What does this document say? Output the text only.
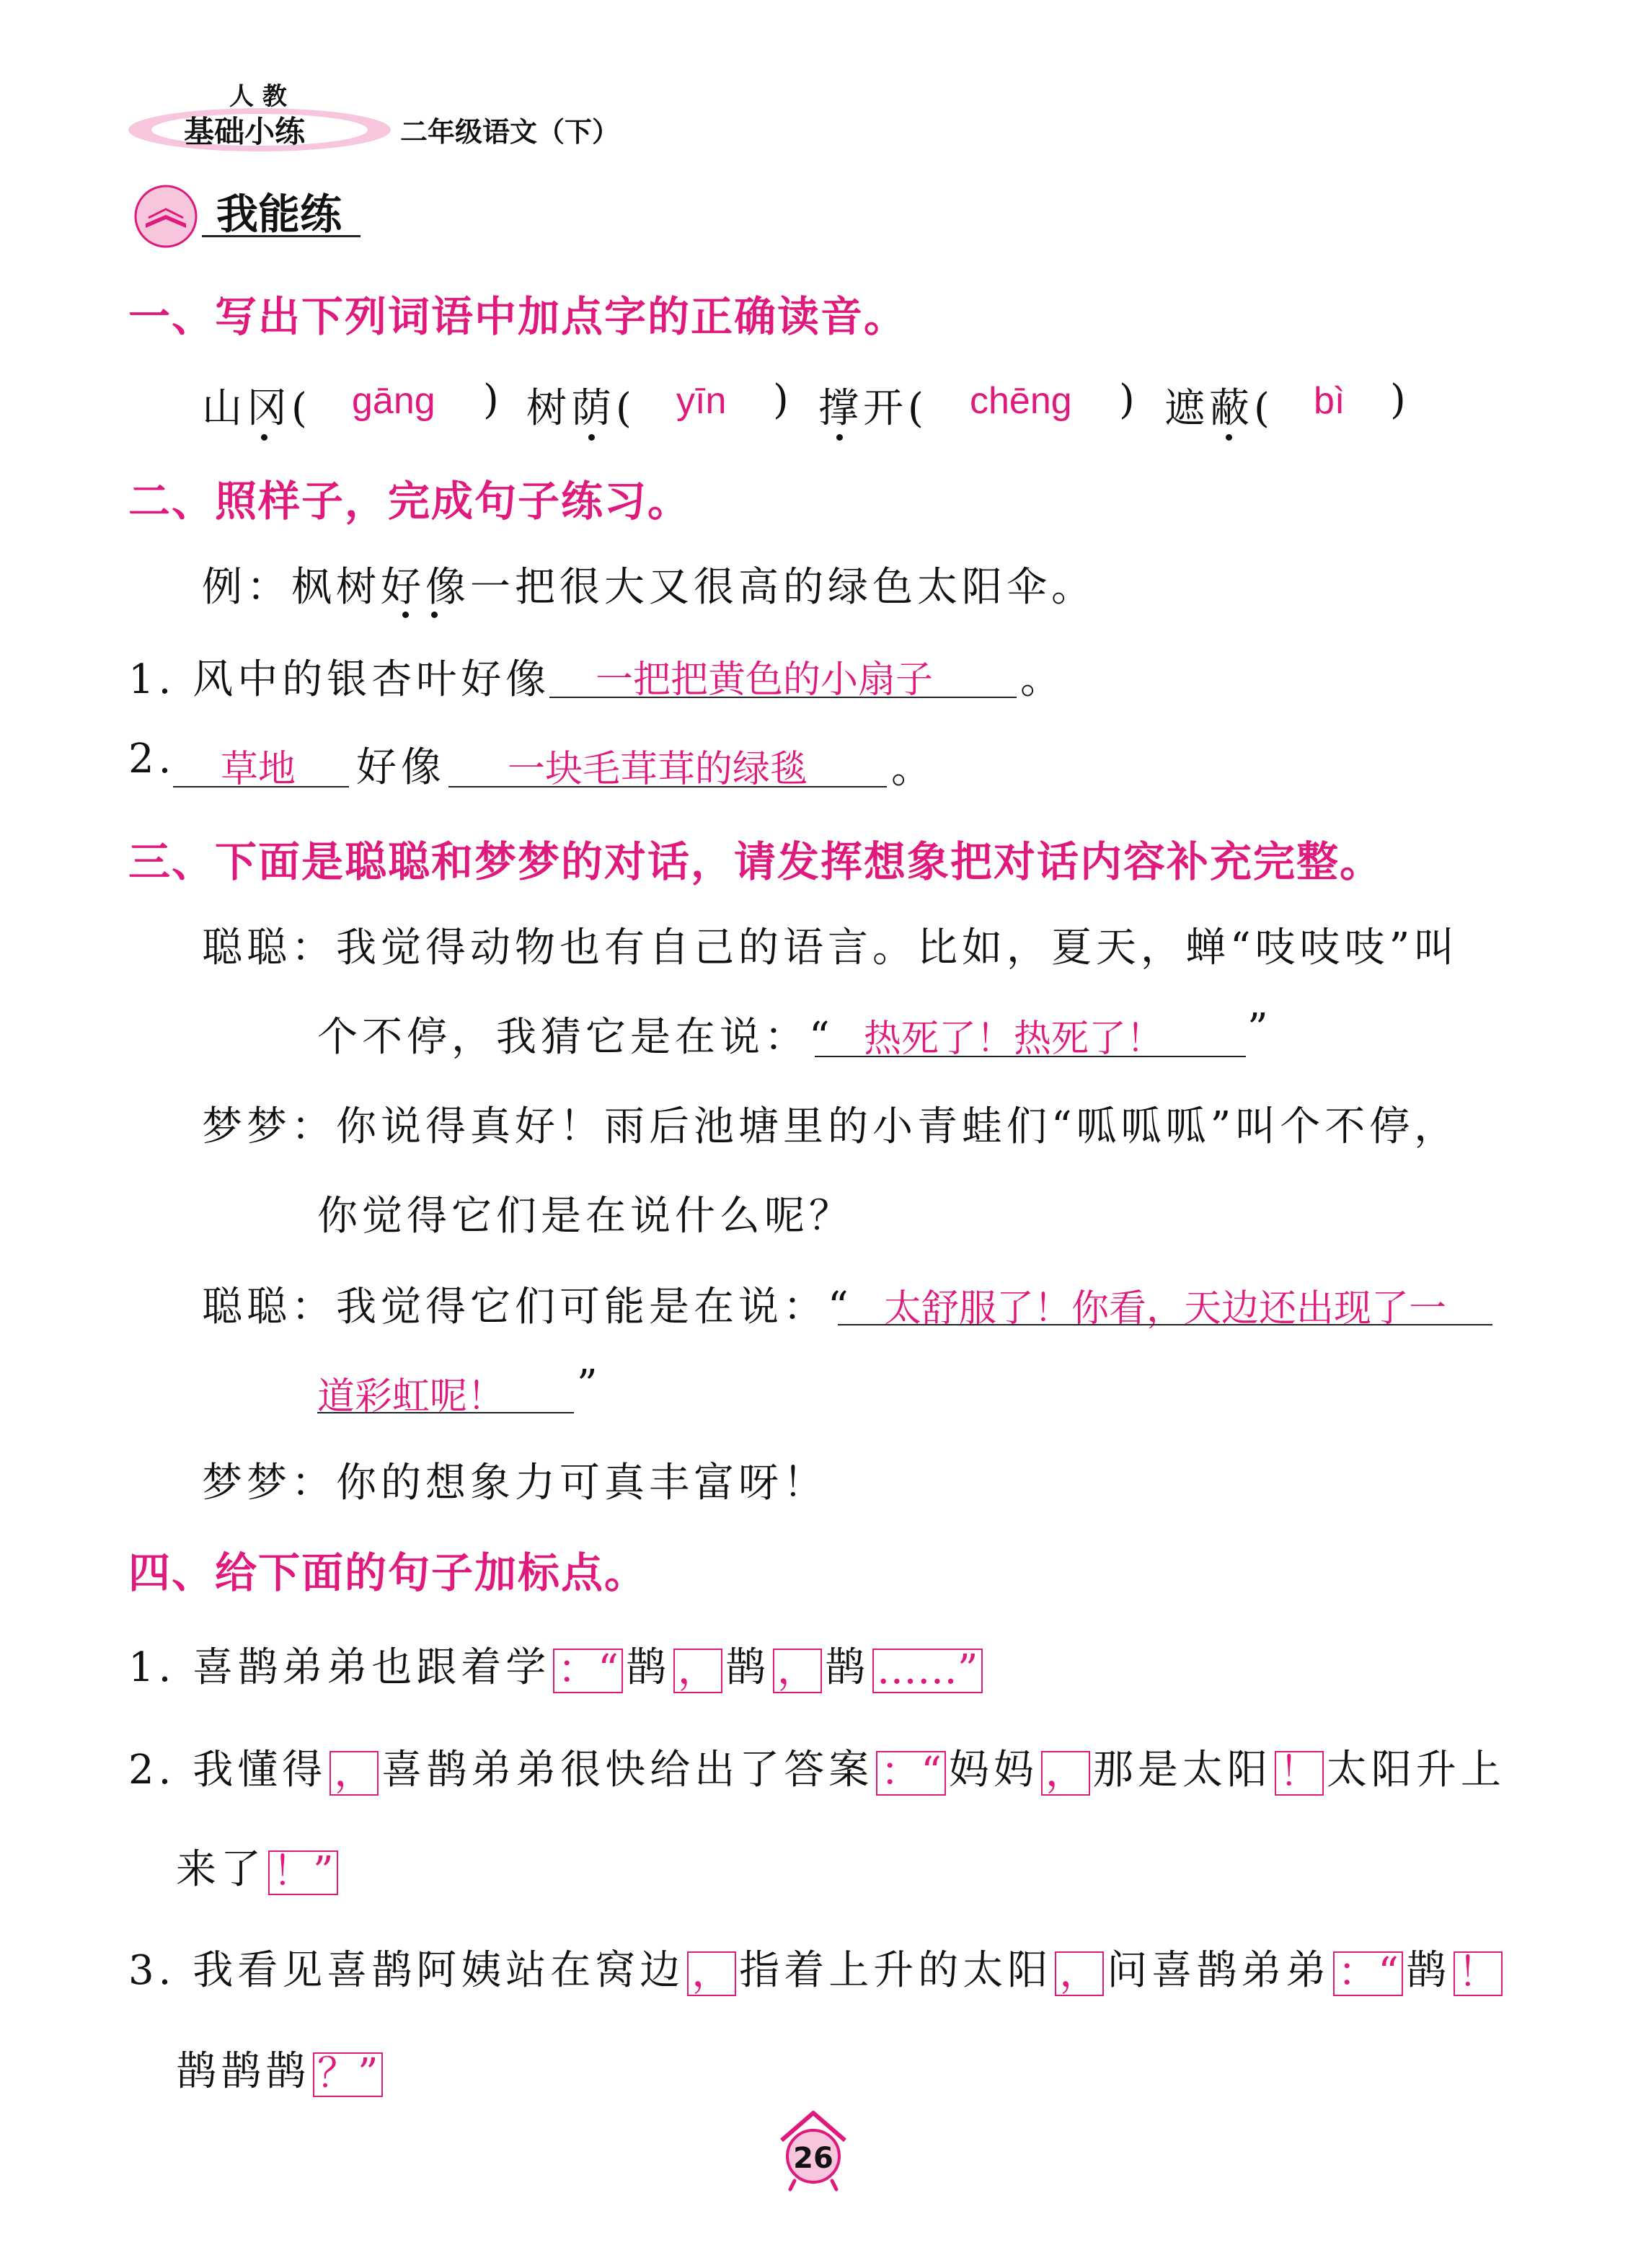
人 教
基础小练	二年级语文（下）
我能练
一、写出下列词语中加点字的正确读音。
山冈( gāng ) 树荫( yīn ) 撑开( chēng ) 遮蔽( bì )
二、照样子，完成句子练习。
例：枫树好像一把很大又很高的绿色太阳伞。
1. 风中的银杏叶好像 一把把黄色的小扇子 。
2. 草地 好像 一块毛茸茸的绿毯 。
三、下面是聪聪和梦梦的对话，请发挥想象把对话内容补充完整。
聪聪：我觉得动物也有自己的语言。比如，夏天，蝉“吱吱吱”叫
个不停，我猜它是在说：“ 热死了！热死了！ ”
梦梦：你说得真好！雨后池塘里的小青蛙们“呱呱呱”叫个不停，
你觉得它们是在说什么呢？
聪聪：我觉得它们可能是在说：“ 太舒服了！你看，天边还出现了一
道彩虹呢！ ”
梦梦：你的想象力可真丰富呀！
四、给下面的句子加标点。
1. 喜鹊弟弟也跟着学 ：“ 鹊 ， 鹊 ， 鹊 ……”
2. 我懂得 ， 喜鹊弟弟很快给出了答案 ：“ 妈妈 ， 那是太阳 ！ 太阳升上
来了 ！”
3. 我看见喜鹊阿姨站在窝边 ， 指着上升的太阳 ， 问喜鹊弟弟 ：“ 鹊 ！
鹊鹊鹊 ？”
26
